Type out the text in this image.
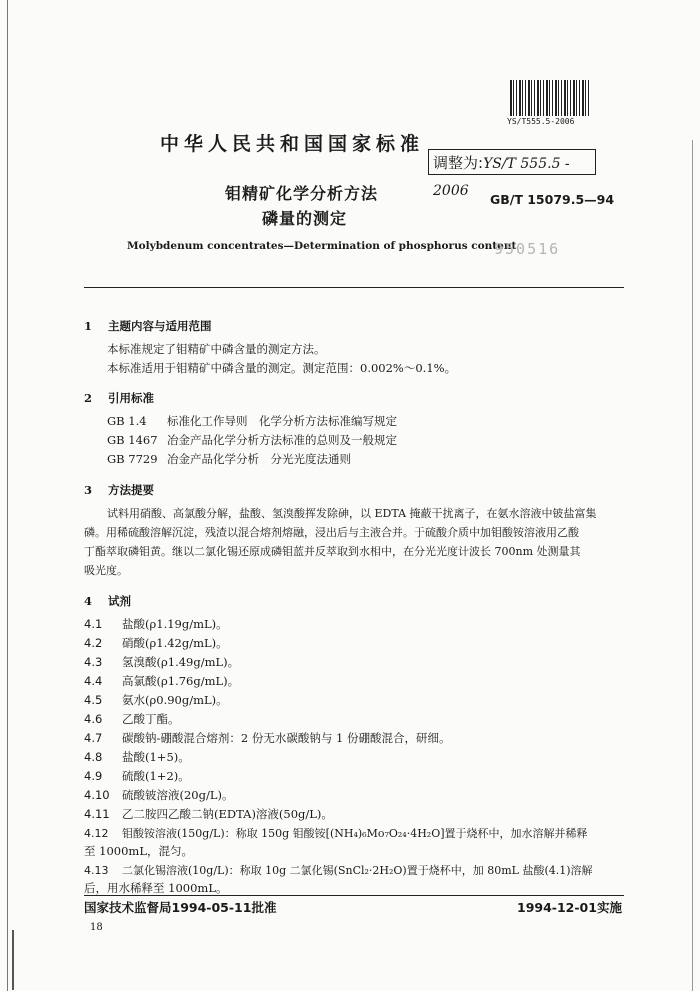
YS/T555.5-2006
中华人民共和国国家标准
调整为:YS/T 555.5 - 2006
钼精矿化学分析方法
磷量的测定
GB/T 15079.5—94
Molybdenum concentrates—Determination of phosphorus content
950516
1 主题内容与适用范围
本标准规定了钼精矿中磷含量的测定方法。
本标准适用于钼精矿中磷含量的测定。测定范围：0.002%～0.1%。
2 引用标准
GB 1.4 标准化工作导则　化学分析方法标准编写规定
GB 1467 冶金产品化学分析方法标准的总则及一般规定
GB 7729 冶金产品化学分析　分光光度法通则
3 方法提要
试料用硝酸、高氯酸分解，盐酸、氢溴酸挥发除砷，以 EDTA 掩蔽干扰离子，在氨水溶液中铍盐富集
磷。用稀硫酸溶解沉淀，残渣以混合熔剂熔融，浸出后与主液合并。于硫酸介质中加钼酸铵溶液用乙酸
丁酯萃取磷钼黄。继以二氯化锡还原成磷钼蓝并反萃取到水相中，在分光光度计波长 700nm 处测量其
吸光度。
4 试剂
4.1 盐酸(ρ1.19g/mL)。
4.2 硝酸(ρ1.42g/mL)。
4.3 氢溴酸(ρ1.49g/mL)。
4.4 高氯酸(ρ1.76g/mL)。
4.5 氨水(ρ0.90g/mL)。
4.6 乙酸丁酯。
4.7 碳酸钠-硼酸混合熔剂：2 份无水碳酸钠与 1 份硼酸混合，研细。
4.8 盐酸(1+5)。
4.9 硫酸(1+2)。
4.10 硫酸铍溶液(20g/L)。
4.11 乙二胺四乙酸二钠(EDTA)溶液(50g/L)。
4.12 钼酸铵溶液(150g/L)：称取 150g 钼酸铵[(NH₄)₆Mo₇O₂₄·4H₂O]置于烧杯中，加水溶解并稀释
至 1000mL，混匀。
4.13 二氯化锡溶液(10g/L)：称取 10g 二氯化锡(SnCl₂·2H₂O)置于烧杯中，加 80mL 盐酸(4.1)溶解
后，用水稀释至 1000mL。
国家技术监督局1994-05-11批准	1994-12-01实施
18
